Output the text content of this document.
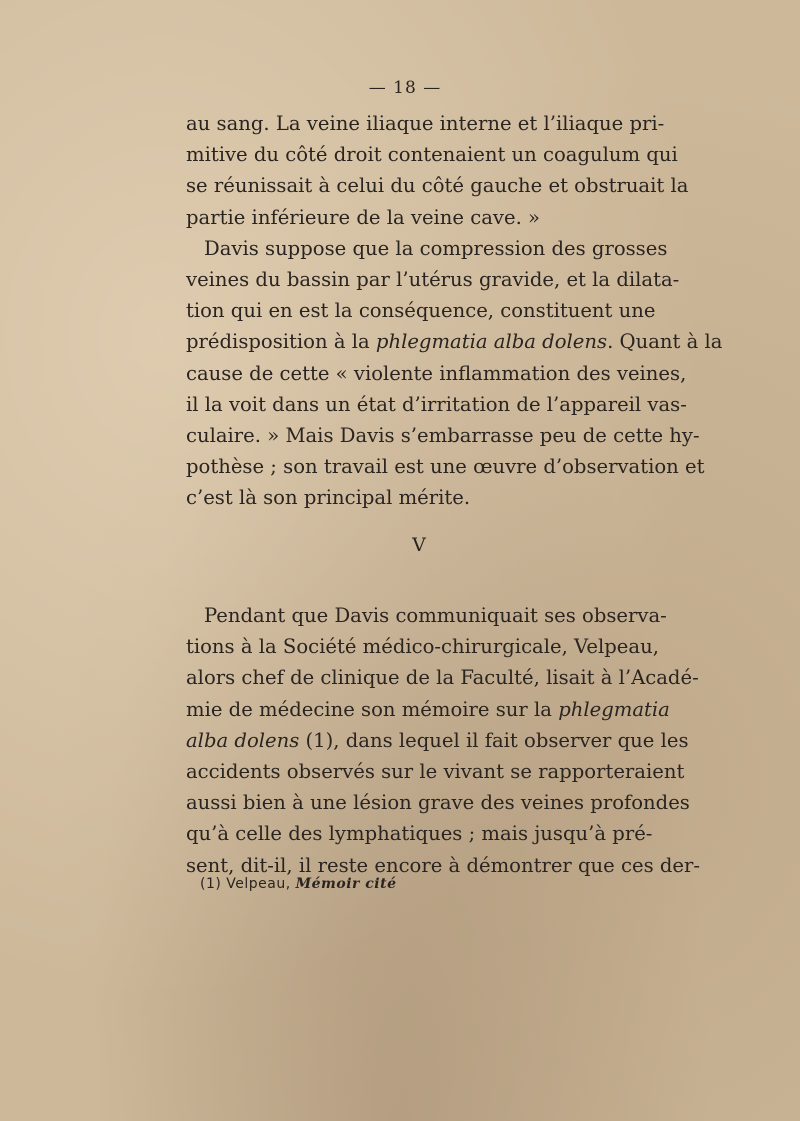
— 18 —
au sang. La veine iliaque interne et l’iliaque pri-
mitive du côté droit contenaient un coagulum qui
se réunissait à celui du côté gauche et obstruait la
partie inférieure de la veine cave. »
Davis suppose que la compression des grosses
veines du bassin par l’utérus gravide, et la dilata-
tion qui en est la conséquence, constituent une
prédisposition à la phlegmatia alba dolens. Quant à la
cause de cette « violente inflammation des veines,
il la voit dans un état d’irritation de l’appareil vas-
culaire. » Mais Davis s’embarrasse peu de cette hy-
pothèse ; son travail est une œuvre d’observation et
c’est là son principal mérite.
V
Pendant que Davis communiquait ses observa-
tions à la Société médico-chirurgicale, Velpeau,
alors chef de clinique de la Faculté, lisait à l’Acadé-
mie de médecine son mémoire sur la phlegmatia
alba dolens (1), dans lequel il fait observer que les
accidents observés sur le vivant se rapporteraient
aussi bien à une lésion grave des veines profondes
qu’à celle des lymphatiques ; mais jusqu’à pré-
sent, dit-il, il reste encore à démontrer que ces der-
(1) Velpeau, Mémoir cité
